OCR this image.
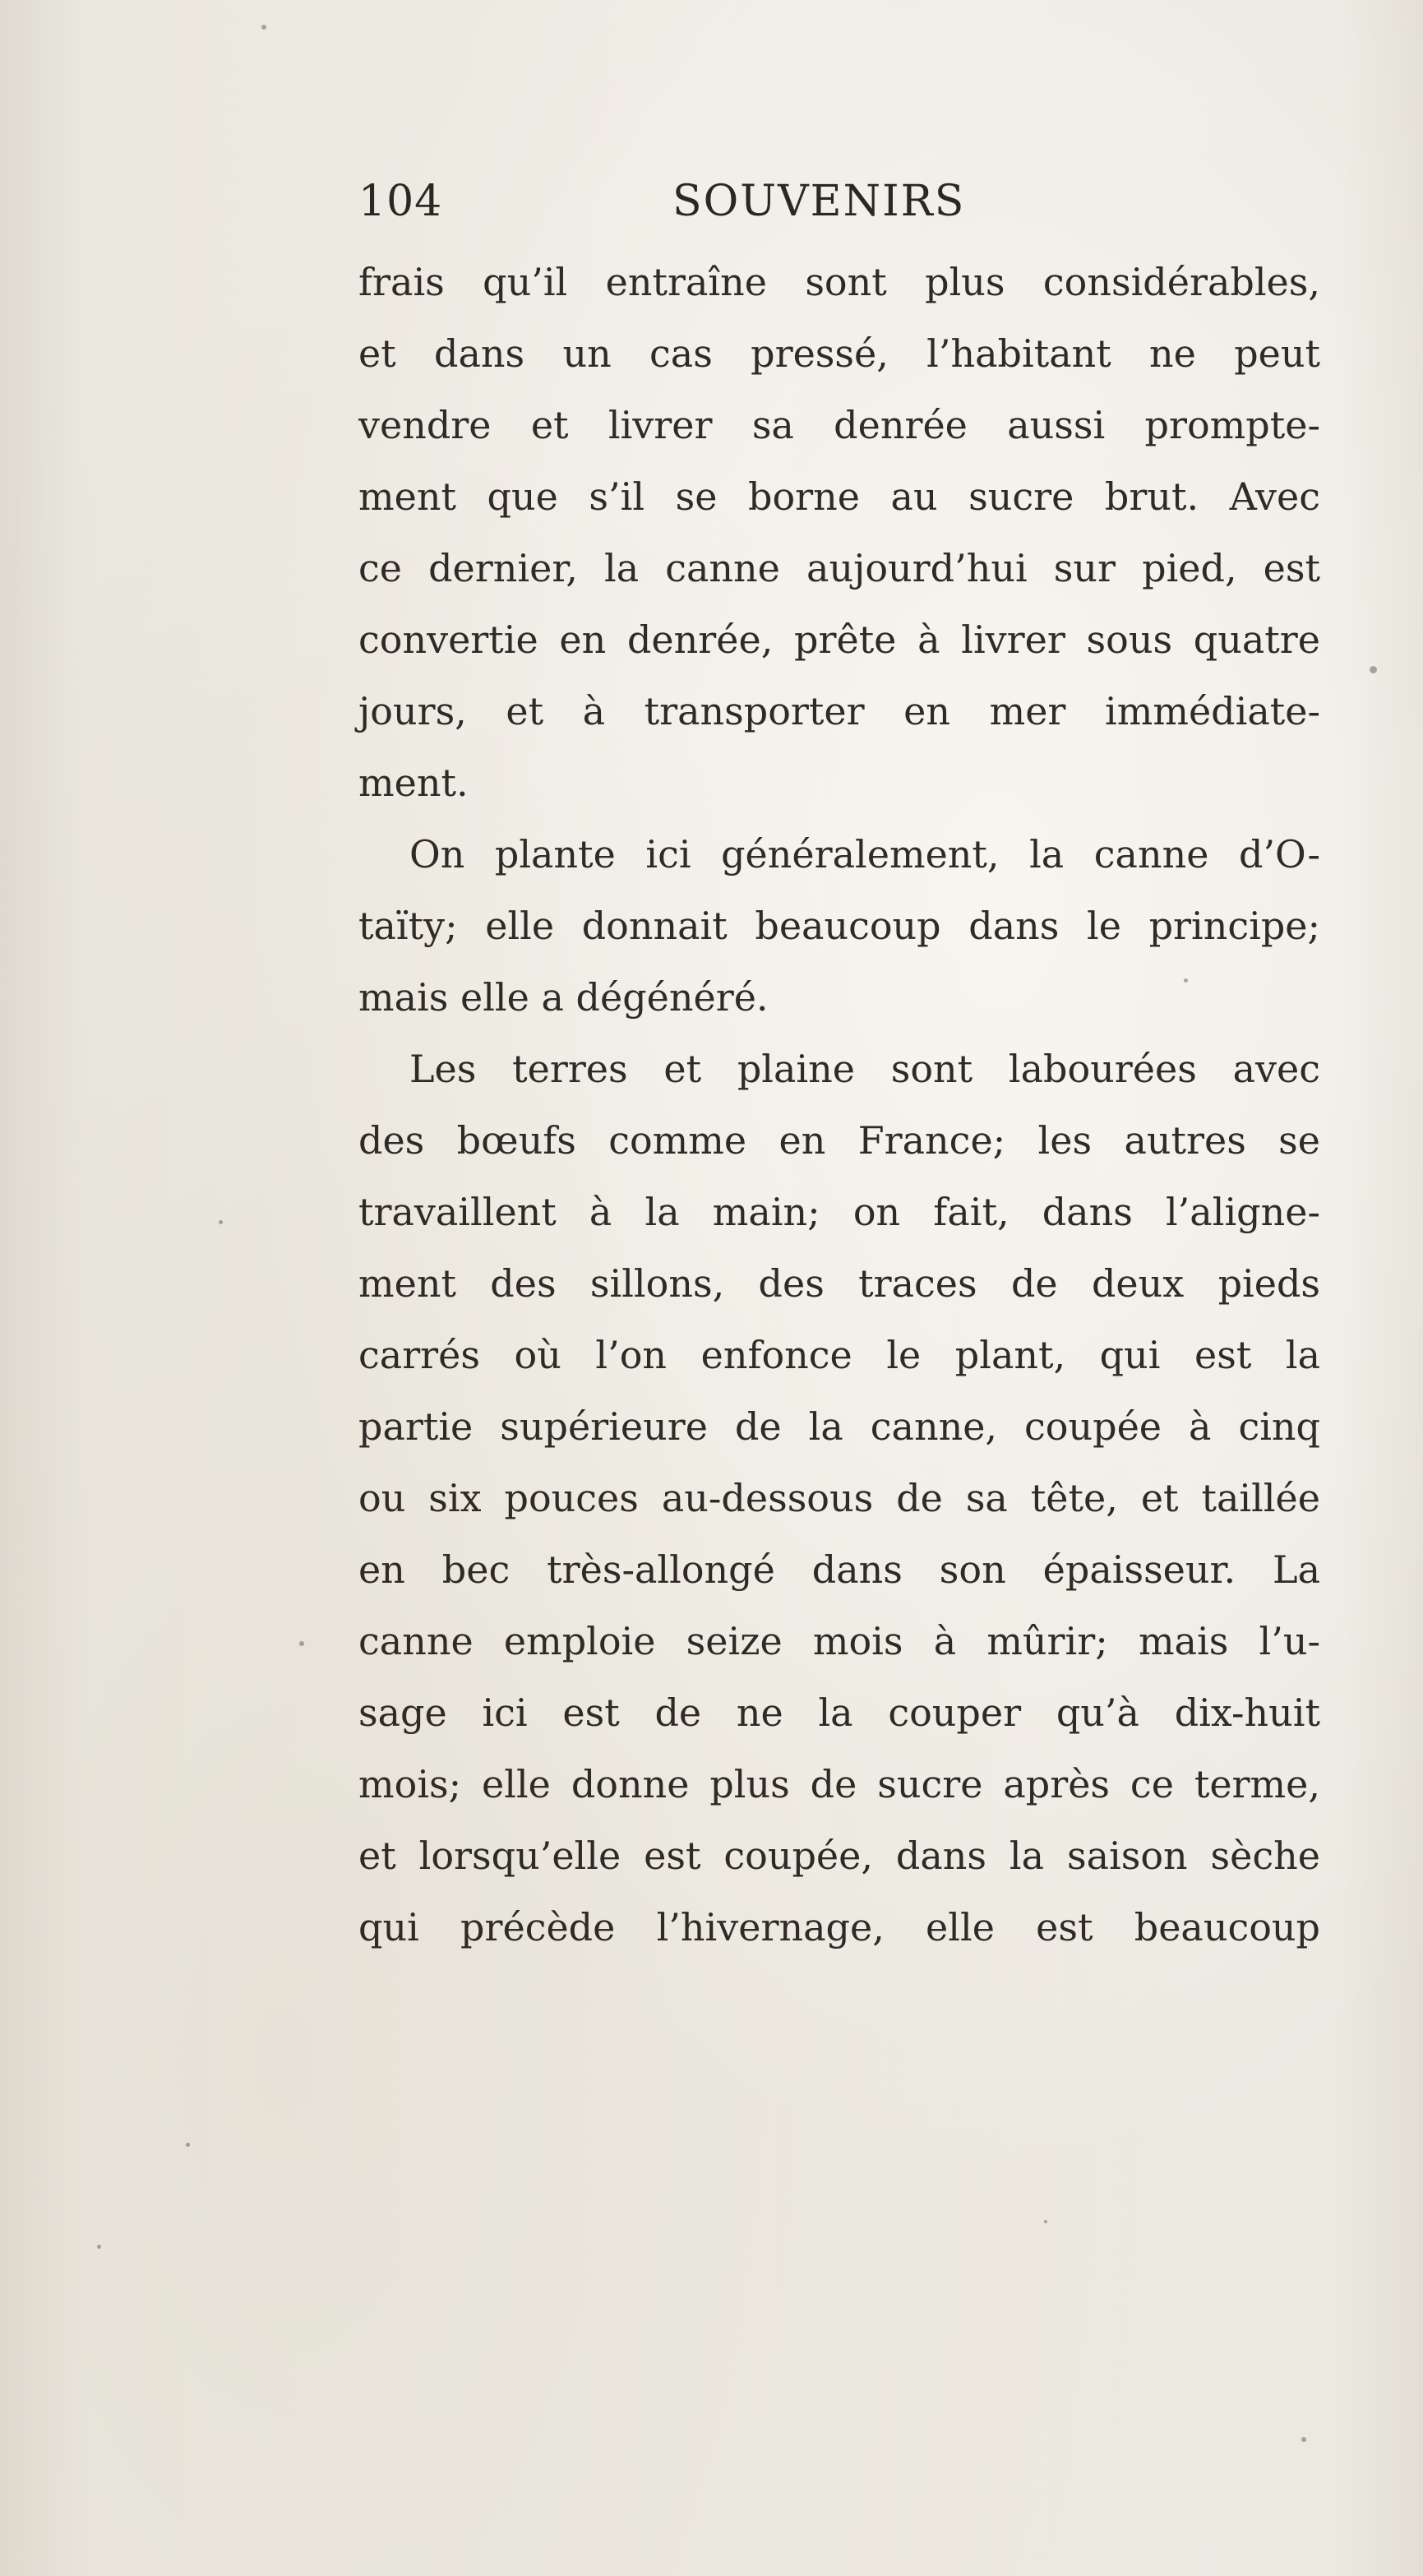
104	SOUVENIRS
frais qu’il entraîne sont plus considérables,
et dans un cas pressé, l’habitant ne peut
vendre et livrer sa denrée aussi prompte-
ment que s’il se borne au sucre brut. Avec
ce dernier, la canne aujourd’hui sur pied, est
convertie en denrée, prête à livrer sous quatre
jours, et à transporter en mer immédiate-
ment.
On plante ici généralement, la canne d’O-
taïty; elle donnait beaucoup dans le principe;
mais elle a dégénéré.
Les terres et plaine sont labourées avec
des bœufs comme en France; les autres se
travaillent à la main; on fait, dans l’aligne-
ment des sillons, des traces de deux pieds
carrés où l’on enfonce le plant, qui est la
partie supérieure de la canne, coupée à cinq
ou six pouces au-dessous de sa tête, et taillée
en bec très-allongé dans son épaisseur. La
canne emploie seize mois à mûrir; mais l’u-
sage ici est de ne la couper qu’à dix-huit
mois; elle donne plus de sucre après ce terme,
et lorsqu’elle est coupée, dans la saison sèche
qui précède l’hivernage, elle est beaucoup
